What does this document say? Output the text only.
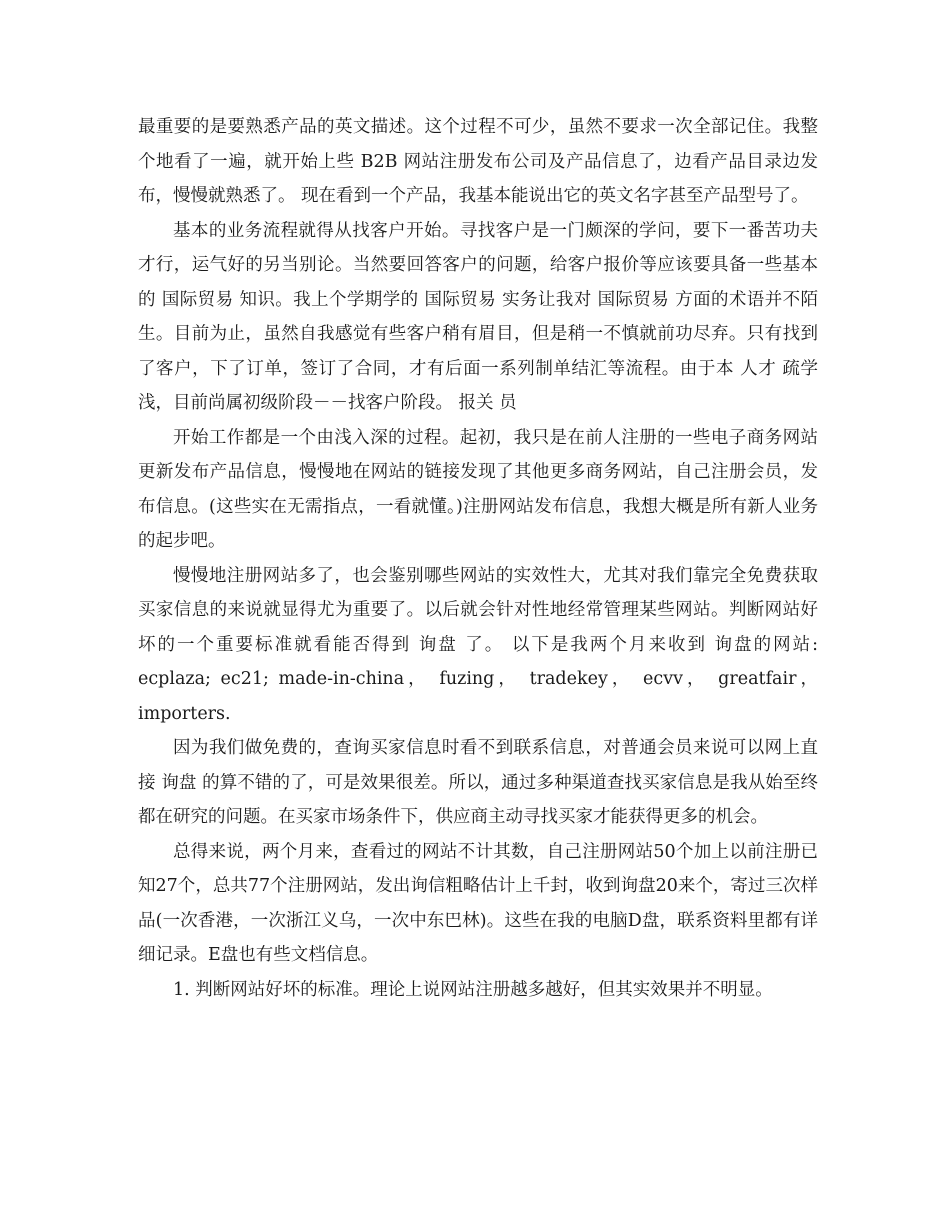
最重要的是要熟悉产品的英文描述。这个过程不可少，虽然不要求一次全部记住。我整个地看了一遍，就开始上些 B2B 网站注册发布公司及产品信息了，边看产品目录边发布，慢慢就熟悉了。 现在看到一个产品，我基本能说出它的英文名字甚至产品型号了。

基本的业务流程就得从找客户开始。寻找客户是一门颇深的学问，要下一番苦功夫才行，运气好的另当别论。当然要回答客户的问题，给客户报价等应该要具备一些基本的 国际贸易 知识。我上个学期学的 国际贸易 实务让我对 国际贸易 方面的术语并不陌生。目前为止，虽然自我感觉有些客户稍有眉目，但是稍一不慎就前功尽弃。只有找到了客户，下了订单，签订了合同，才有后面一系列制单结汇等流程。由于本 人才 疏学浅，目前尚属初级阶段－－找客户阶段。 报关 员

开始工作都是一个由浅入深的过程。起初，我只是在前人注册的一些电子商务网站更新发布产品信息，慢慢地在网站的链接发现了其他更多商务网站，自己注册会员，发布信息。(这些实在无需指点，一看就懂。)注册网站发布信息，我想大概是所有新人业务的起步吧。

慢慢地注册网站多了，也会鉴别哪些网站的实效性大，尤其对我们靠完全免费获取买家信息的来说就显得尤为重要了。以后就会针对性地经常管理某些网站。判断网站好坏的一个重要标准就看能否得到 询盘 了。 以下是我两个月来收到 询盘的网站: ecplaza; ec21; made-in-china， fuzing， tradekey， ecvv， greatfair， importers.

因为我们做免费的，查询买家信息时看不到联系信息，对普通会员来说可以网上直接 询盘 的算不错的了，可是效果很差。所以，通过多种渠道查找买家信息是我从始至终都在研究的问题。在买家市场条件下，供应商主动寻找买家才能获得更多的机会。

总得来说，两个月来，查看过的网站不计其数，自己注册网站50个加上以前注册已知27个，总共77个注册网站，发出询信粗略估计上千封，收到询盘20来个，寄过三次样品(一次香港，一次浙江义乌，一次中东巴林)。这些在我的电脑D盘，联系资料里都有详细记录。E盘也有些文档信息。

1. 判断网站好坏的标准。理论上说网站注册越多越好，但其实效果并不明显。
